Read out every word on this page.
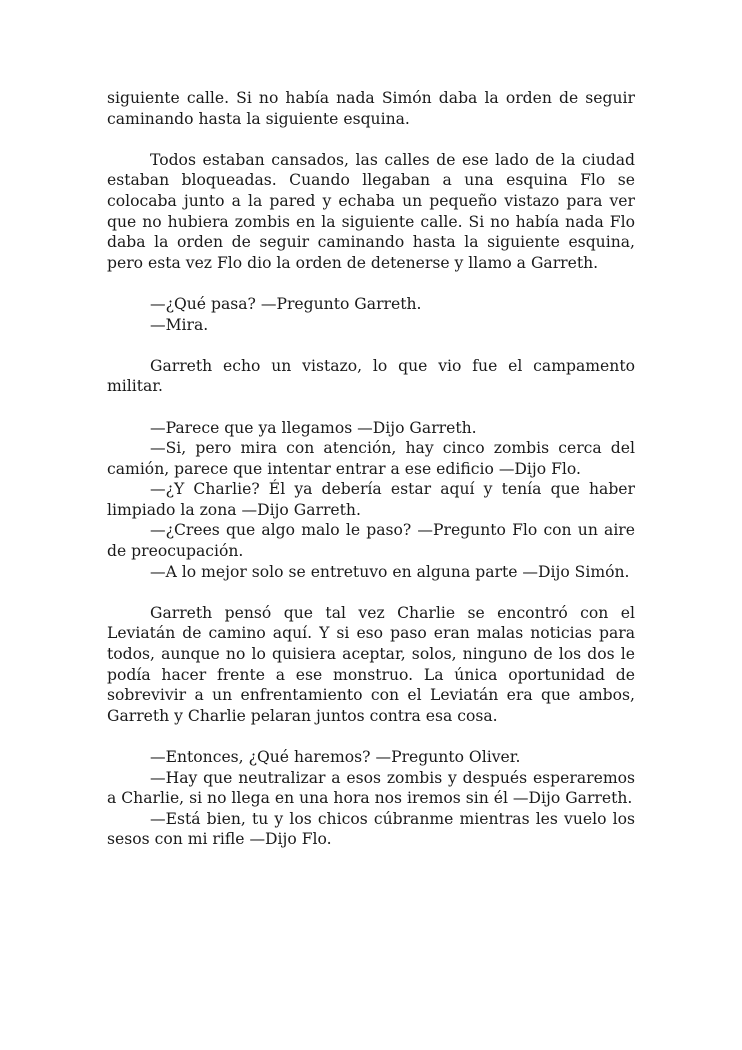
siguiente calle. Si no había nada Simón daba la orden de seguir caminando hasta la siguiente esquina.

Todos estaban cansados, las calles de ese lado de la ciudad estaban bloqueadas. Cuando llegaban a una esquina Flo se colocaba junto a la pared y echaba un pequeño vistazo para ver que no hubiera zombis en la siguiente calle. Si no había nada Flo daba la orden de seguir caminando hasta la siguiente esquina, pero esta vez Flo dio la orden de detenerse y llamo a Garreth.

—¿Qué pasa? —Pregunto Garreth.

—Mira.

Garreth echo un vistazo, lo que vio fue el campamento militar.

—Parece que ya llegamos —Dijo Garreth.

—Si, pero mira con atención, hay cinco zombis cerca del camión, parece que intentar entrar a ese edificio —Dijo Flo.

—¿Y Charlie? Él ya debería estar aquí y tenía que haber limpiado la zona —Dijo Garreth.

—¿Crees que algo malo le paso? —Pregunto Flo con un aire de preocupación.

—A lo mejor solo se entretuvo en alguna parte —Dijo Simón.

Garreth pensó que tal vez Charlie se encontró con el Leviatán de camino aquí. Y si eso paso eran malas noticias para todos, aunque no lo quisiera aceptar, solos, ninguno de los dos le podía hacer frente a ese monstruo. La única oportunidad de sobrevivir a un enfrentamiento con el Leviatán era que ambos, Garreth y Charlie pelaran juntos contra esa cosa.

—Entonces, ¿Qué haremos? —Pregunto Oliver.

—Hay que neutralizar a esos zombis y después esperaremos a Charlie, si no llega en una hora nos iremos sin él —Dijo Garreth.

—Está bien, tu y los chicos cúbranme mientras les vuelo los sesos con mi rifle —Dijo Flo.
